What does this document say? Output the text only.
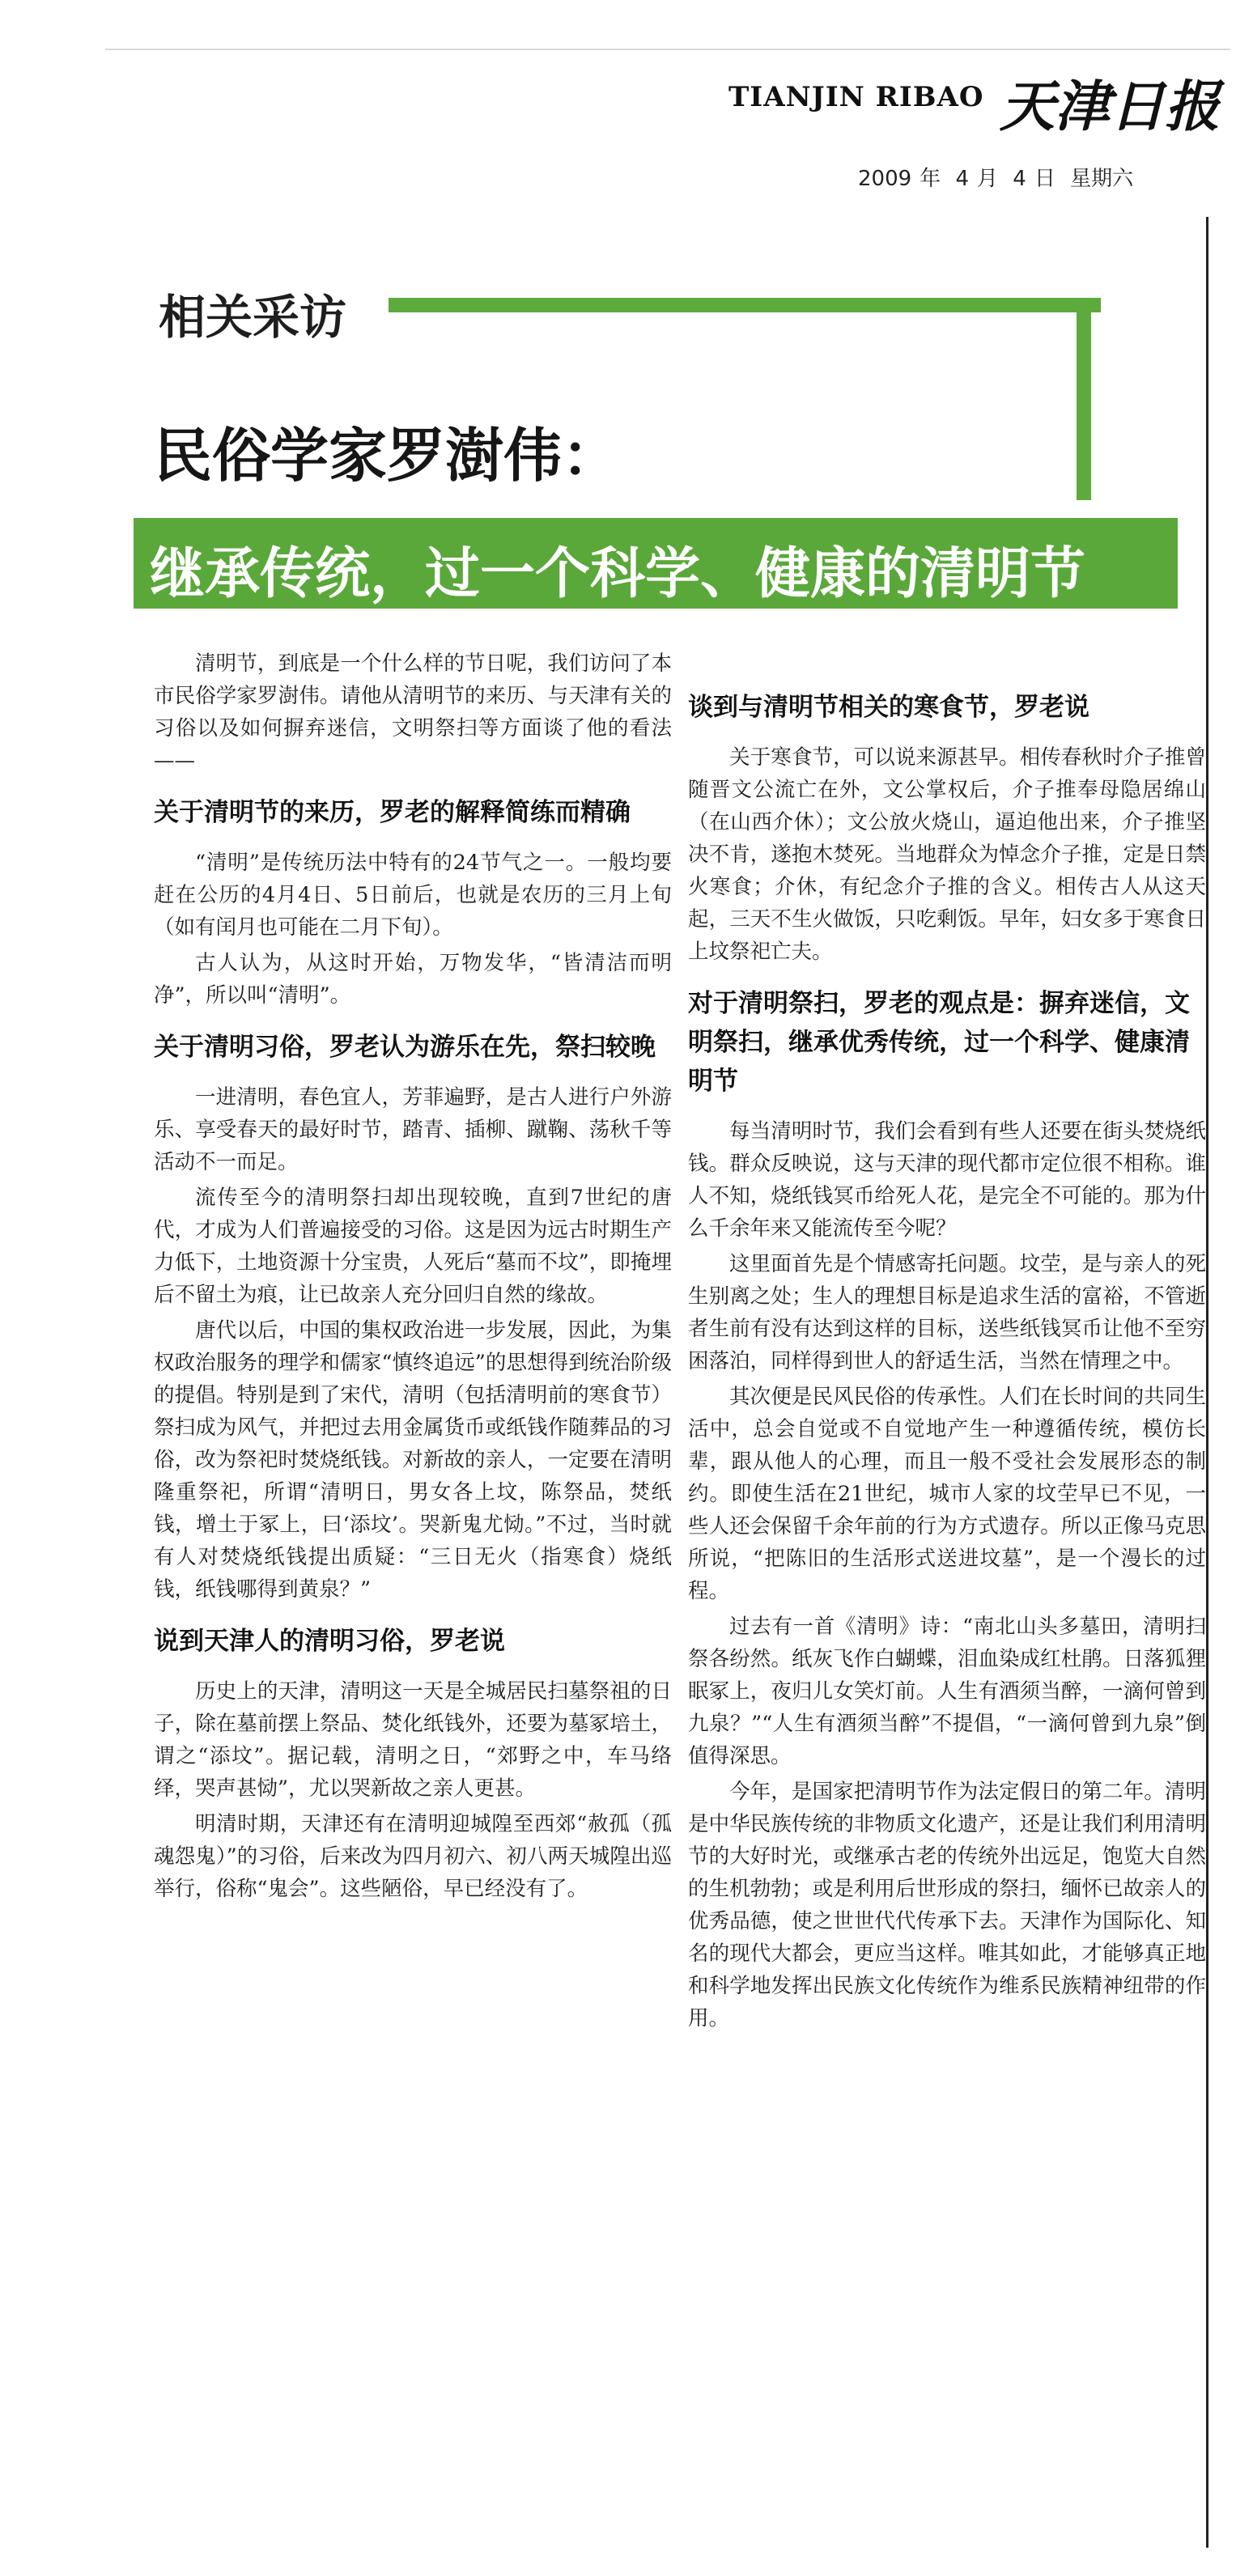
TIANJIN RIBAO 天津日报
2009 年 4 月 4 日 星期六
相关采访
民俗学家罗澍伟：
继承传统，过一个科学、健康的清明节

清明节，到底是一个什么样的节日呢，我们访问了本市民俗学家罗澍伟。请他从清明节的来历、与天津有关的习俗以及如何摒弃迷信，文明祭扫等方面谈了他的看法——

关于清明节的来历，罗老的解释简练而精确

“清明”是传统历法中特有的24节气之一。一般均要赶在公历的4月4日、5日前后，也就是农历的三月上旬（如有闰月也可能在二月下旬）。

古人认为，从这时开始，万物发华，“皆清洁而明净”，所以叫“清明”。

关于清明习俗，罗老认为游乐在先，祭扫较晚

一进清明，春色宜人，芳菲遍野，是古人进行户外游乐、享受春天的最好时节，踏青、插柳、蹴鞠、荡秋千等活动不一而足。

流传至今的清明祭扫却出现较晚，直到7世纪的唐代，才成为人们普遍接受的习俗。这是因为远古时期生产力低下，土地资源十分宝贵，人死后“墓而不坟”，即掩埋后不留土为痕，让已故亲人充分回归自然的缘故。

唐代以后，中国的集权政治进一步发展，因此，为集权政治服务的理学和儒家“慎终追远”的思想得到统治阶级的提倡。特别是到了宋代，清明（包括清明前的寒食节）祭扫成为风气，并把过去用金属货币或纸钱作随葬品的习俗，改为祭祀时焚烧纸钱。对新故的亲人，一定要在清明隆重祭祀，所谓“清明日，男女各上坟，陈祭品，焚纸钱，增土于冢上，曰‘添坟’。哭新鬼尤恸。”不过，当时就有人对焚烧纸钱提出质疑：“三日无火（指寒食）烧纸钱，纸钱哪得到黄泉？”

说到天津人的清明习俗，罗老说

历史上的天津，清明这一天是全城居民扫墓祭祖的日子，除在墓前摆上祭品、焚化纸钱外，还要为墓冢培土，谓之“添坟”。据记载，清明之日，“郊野之中，车马络绎，哭声甚恸”，尤以哭新故之亲人更甚。

明清时期，天津还有在清明迎城隍至西郊“赦孤（孤魂怨鬼）”的习俗，后来改为四月初六、初八两天城隍出巡举行，俗称“鬼会”。这些陋俗，早已经没有了。

谈到与清明节相关的寒食节，罗老说

关于寒食节，可以说来源甚早。相传春秋时介子推曾随晋文公流亡在外，文公掌权后，介子推奉母隐居绵山（在山西介休）；文公放火烧山，逼迫他出来，介子推坚决不肯，遂抱木焚死。当地群众为悼念介子推，定是日禁火寒食；介休，有纪念介子推的含义。相传古人从这天起，三天不生火做饭，只吃剩饭。早年，妇女多于寒食日上坟祭祀亡夫。

对于清明祭扫，罗老的观点是：摒弃迷信，文明祭扫，继承优秀传统，过一个科学、健康清明节

每当清明时节，我们会看到有些人还要在街头焚烧纸钱。群众反映说，这与天津的现代都市定位很不相称。谁人不知，烧纸钱冥币给死人花，是完全不可能的。那为什么千余年来又能流传至今呢？

这里面首先是个情感寄托问题。坟茔，是与亲人的死生别离之处；生人的理想目标是追求生活的富裕，不管逝者生前有没有达到这样的目标，送些纸钱冥币让他不至穷困落泊，同样得到世人的舒适生活，当然在情理之中。

其次便是民风民俗的传承性。人们在长时间的共同生活中，总会自觉或不自觉地产生一种遵循传统，模仿长辈，跟从他人的心理，而且一般不受社会发展形态的制约。即使生活在21世纪，城市人家的坟茔早已不见，一些人还会保留千余年前的行为方式遗存。所以正像马克思所说，“把陈旧的生活形式送进坟墓”，是一个漫长的过程。

过去有一首《清明》诗：“南北山头多墓田，清明扫祭各纷然。纸灰飞作白蝴蝶，泪血染成红杜鹃。日落狐狸眠冢上，夜归儿女笑灯前。人生有酒须当醉，一滴何曾到九泉？”“人生有酒须当醉”不提倡，“一滴何曾到九泉”倒值得深思。

今年，是国家把清明节作为法定假日的第二年。清明是中华民族传统的非物质文化遗产，还是让我们利用清明节的大好时光，或继承古老的传统外出远足，饱览大自然的生机勃勃；或是利用后世形成的祭扫，缅怀已故亲人的优秀品德，使之世世代代传承下去。天津作为国际化、知名的现代大都会，更应当这样。唯其如此，才能够真正地和科学地发挥出民族文化传统作为维系民族精神纽带的作用。
